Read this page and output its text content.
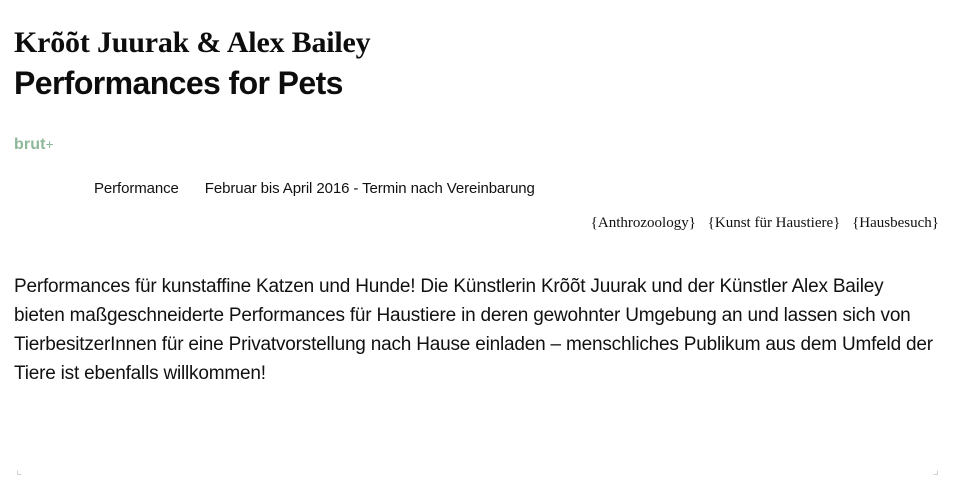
Krõõt Juurak & Alex Bailey
Performances for Pets
brut+
Performance Februar bis April 2016 - Termin nach Vereinbarung
{Anthrozoology} {Kunst für Haustiere} {Hausbesuch}

Performances für kunstaffine Katzen und Hunde! Die Künstlerin Krõõt Juurak und der Künstler Alex Bailey bieten maßgeschneiderte Performances für Haustiere in deren gewohnter Umgebung an und lassen sich von TierbesitzerInnen für eine Privatvorstellung nach Hause einladen – menschliches Publikum aus dem Umfeld der Tiere ist ebenfalls willkommen!

⌞	⌟
